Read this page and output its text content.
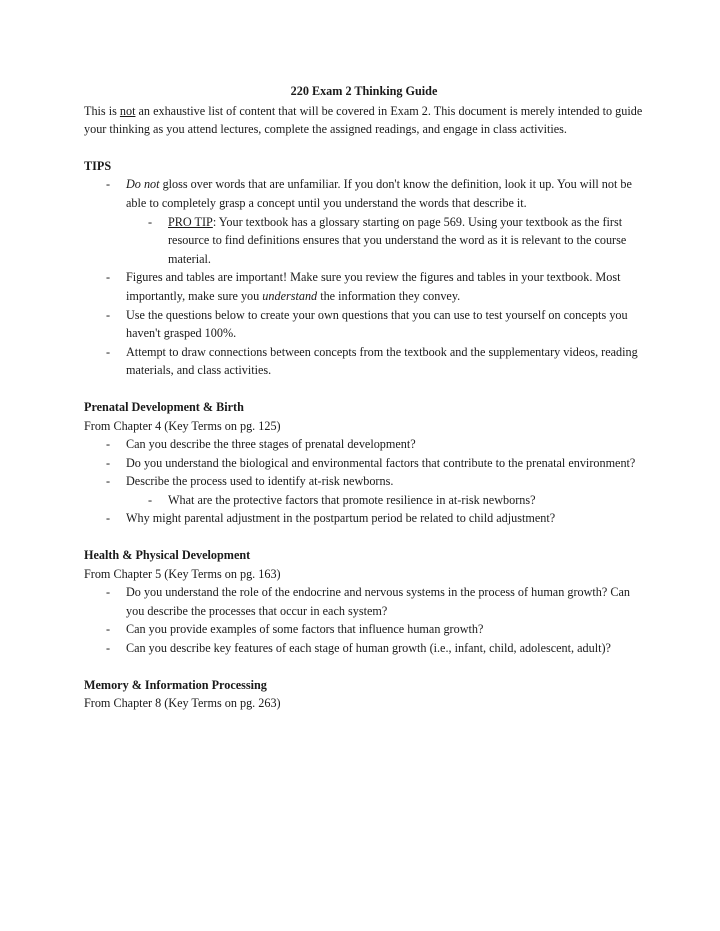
220 Exam 2 Thinking Guide

This is not an exhaustive list of content that will be covered in Exam 2. This document is merely intended to guide your thinking as you attend lectures, complete the assigned readings, and engage in class activities.

TIPS

- Do not gloss over words that are unfamiliar. If you don't know the definition, look it up. You will not be able to completely grasp a concept until you understand the words that describe it.
- PRO TIP: Your textbook has a glossary starting on page 569. Using your textbook as the first resource to find definitions ensures that you understand the word as it is relevant to the course material.
- Figures and tables are important! Make sure you review the figures and tables in your textbook. Most importantly, make sure you understand the information they convey.
- Use the questions below to create your own questions that you can use to test yourself on concepts you haven't grasped 100%.
- Attempt to draw connections between concepts from the textbook and the supplementary videos, reading materials, and class activities.

Prenatal Development & Birth

From Chapter 4 (Key Terms on pg. 125)

- Can you describe the three stages of prenatal development?
- Do you understand the biological and environmental factors that contribute to the prenatal environment?
- Describe the process used to identify at-risk newborns.
- What are the protective factors that promote resilience in at-risk newborns?
- Why might parental adjustment in the postpartum period be related to child adjustment?

Health & Physical Development

From Chapter 5 (Key Terms on pg. 163)

- Do you understand the role of the endocrine and nervous systems in the process of human growth? Can you describe the processes that occur in each system?
- Can you provide examples of some factors that influence human growth?
- Can you describe key features of each stage of human growth (i.e., infant, child, adolescent, adult)?

Memory & Information Processing

From Chapter 8 (Key Terms on pg. 263)
